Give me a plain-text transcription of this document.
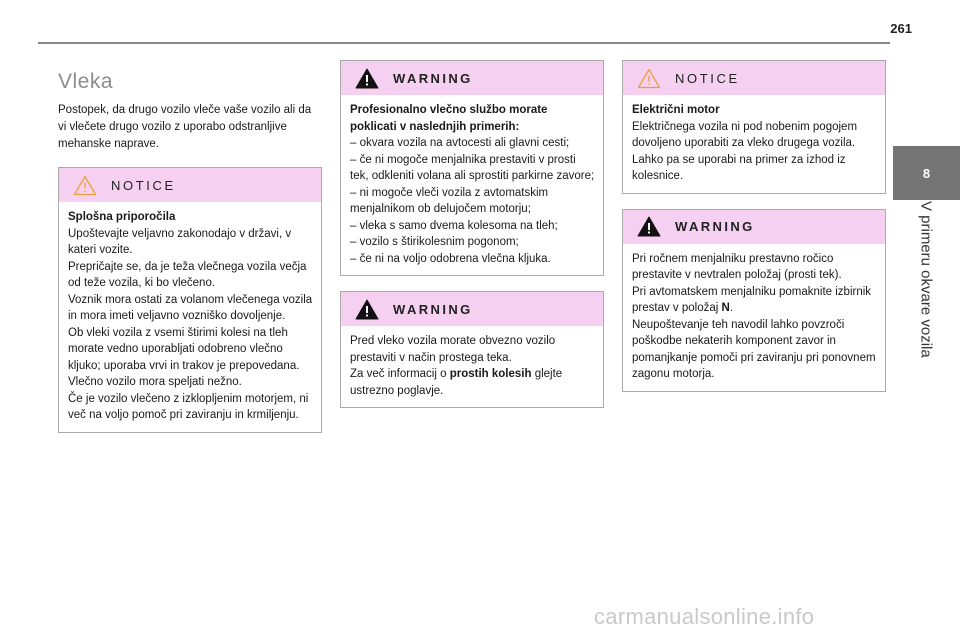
261
8
V primeru okvare vozila
Vleka

Postopek, da drugo vozilo vleče vaše vozilo ali da vi vlečete drugo vozilo z uporabo odstranljive mehanske naprave.

NOTICE

Splošna priporočila

Upoštevajte veljavno zakonodajo v državi, v kateri vozite.

Prepričajte se, da je teža vlečnega vozila večja od teže vozila, ki bo vlečeno.

Voznik mora ostati za volanom vlečenega vozila in mora imeti veljavno vozniško dovoljenje.

Ob vleki vozila z vsemi štirimi kolesi na tleh morate vedno uporabljati odobreno vlečno kljuko; uporaba vrvi in trakov je prepovedana.

Vlečno vozilo mora speljati nežno.

Če je vozilo vlečeno z izklopljenim motorjem, ni več na voljo pomoč pri zaviranju in krmiljenju.

WARNING

Profesionalno vlečno službo morate poklicati v naslednjih primerih:

– okvara vozila na avtocesti ali glavni cesti;

– če ni mogoče menjalnika prestaviti v prosti tek, odkleniti volana ali sprostiti parkirne zavore;

– ni mogoče vleči vozila z avtomatskim menjalnikom ob delujočem motorju;

– vleka s samo dvema kolesoma na tleh;

– vozilo s štirikolesnim pogonom;

– če ni na voljo odobrena vlečna kljuka.

WARNING

Pred vleko vozila morate obvezno vozilo prestaviti v način prostega teka.

Za več informacij o prostih kolesih glejte ustrezno poglavje.

NOTICE

Električni motor

Električnega vozila ni pod nobenim pogojem dovoljeno uporabiti za vleko drugega vozila. Lahko pa se uporabi na primer za izhod iz kolesnice.

WARNING

Pri ročnem menjalniku prestavno ročico prestavite v nevtralen položaj (prosti tek).

Pri avtomatskem menjalniku pomaknite izbirnik prestav v položaj N.

Neupoštevanje teh navodil lahko povzroči poškodbe nekaterih komponent zavor in pomanjkanje pomoči pri zaviranju pri ponovnem zagonu motorja.

carmanualsonline.info
